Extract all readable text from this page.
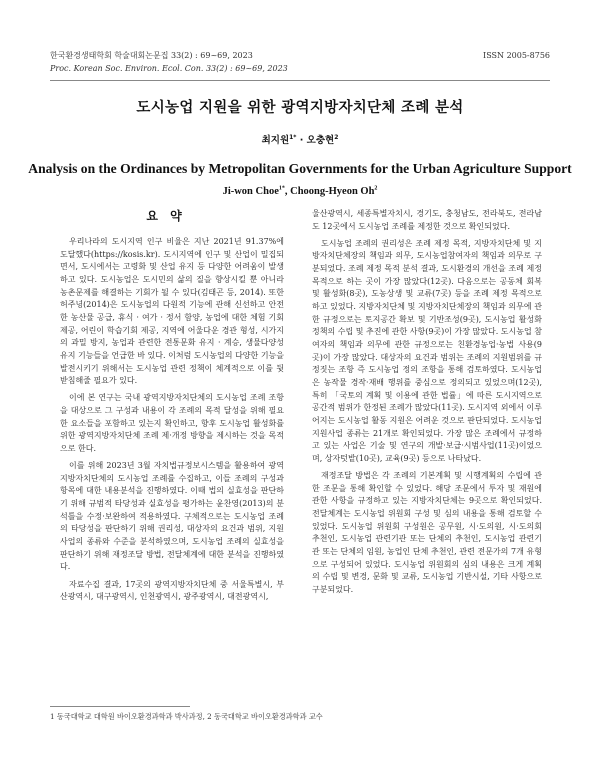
한국환경생태학회 학술대회논문집 33(2) : 69~69, 2023	ISSN 2005-8756
Proc. Korean Soc. Environ. Ecol. Con. 33(2) : 69~69, 2023
도시농업 지원을 위한 광역지방자치단체 조례 분석
최지원$^{1*}$ · 오충현$^2$
Analysis on the Ordinances by Metropolitan Governments for the Urban Agriculture Support
Ji-won Choe$^{1*}$, Choong-Hyeon Oh$^2$
요 약

우리나라의 도시지역 인구 비율은 지난 2021년 91.37%에 도달했다(https://kosis.kr). 도시지역에 인구 및 산업이 밀집되면서, 도시에서는 고령화 및 산업 유지 등 다양한 어려움이 발생하고 있다. 도시농업은 도시민의 삶의 질을 향상시킬 뿐 아니라 농촌문제를 해결하는 기회가 될 수 있다(김태곤 등, 2014). 또한 허주녕(2014)은 도시농업의 다원적 기능에 관해 신선하고 안전한 농산물 공급, 휴식 · 여가 · 정서 함양, 농업에 대한 체험 기회 제공, 어린이 학습기회 제공, 지역에 어울다운 경관 형성, 시가지의 과밀 방지, 농업과 관련한 전통문화 유지 · 계승, 생물다양성 유지 기능들을 언급한 바 있다. 이처럼 도시농업의 다양한 기능을 발전시키기 위해서는 도시농업 관련 정책이 체계적으로 이를 뒷받침해줄 필요가 있다.

이에 본 연구는 국내 광역지방자치단체의 도시농업 조례 조항을 대상으로 그 구성과 내용이 각 조례의 목적 달성을 위해 필요한 요소들을 포함하고 있는지 확인하고, 향후 도시농업 활성화를 위한 광역지방자치단체 조례 제·개정 방향을 제시하는 것을 목적으로 한다.

이를 위해 2023년 3월 자치법규정보시스템을 활용하여 광역지방자치단체의 도시농업 조례를 수집하고, 이들 조례의 구성과 항목에 대한 내용분석을 진행하였다. 이때 법의 실효성을 판단하기 위해 규범적 타당성과 실효성을 평가하는 윤찬영(2013)의 분석틀을 수정·보완하여 적용하였다. 구체적으로는 도시농업 조례의 타당성을 판단하기 위해 권리성, 대상자의 요건과 범위, 지원사업의 종류와 수준을 분석하였으며, 도시농업 조례의 실효성을 판단하기 위해 재정조달 방법, 전달체계에 대한 분석을 진행하였다.

자료수집 결과, 17곳의 광역지방자치단체 중 서울특별시, 부산광역시, 대구광역시, 인천광역시, 광주광역시, 대전광역시,

울산광역시, 세종특별자치시, 경기도, 충청남도, 전라북도, 전라남도 12곳에서 도시농업 조례를 제정한 것으로 확인되었다.

도시농업 조례의 권리성은 조례 제정 목적, 지방자치단체 및 지방자치단체장의 책임과 의무, 도시농업참여자의 책임과 의무로 구분되었다. 조례 제정 목적 분석 결과, 도시환경의 개선을 조례 제정 목적으로 하는 곳이 가장 많았다(12곳). 다음으로는 공동체 회복 및 활성화(8곳), 도농상생 및 교류(7곳) 등을 조례 제정 목적으로 하고 있었다. 지방자치단체 및 지방자치단체장의 책임과 의무에 관한 규정으로는 토지공간 확보 및 기반조성(9곳), 도시농업 활성화 정책의 수립 및 추진에 관한 사항(9곳)이 가장 많았다. 도시농업 참여자의 책임과 의무에 관한 규정으로는 친환경농업·농법 사용(9곳)이 가장 많았다. 대상자의 요건과 범위는 조례의 지원범위를 규정짓는 조항 즉 도시농업 정의 조항을 통해 검토하였다. 도시농업은 농작물 경작·재배 행위를 중심으로 정의되고 있었으며(12곳), 특히 「국토의 계획 및 이용에 관한 법률」에 따른 도시지역으로 공간적 범위가 한정된 조례가 많았다(11곳). 도시지역 외에서 이루어지는 도시농업 활동 지원은 어려운 것으로 판단되었다. 도시농업 지원사업 종류는 21개로 확인되었다. 가장 많은 조례에서 규정하고 있는 사업은 기술 및 연구의 개발·보급·시범사업(11곳)이었으며, 상자텃밭(10곳), 교육(9곳) 등으로 나타났다.

재정조달 방법은 각 조례의 기본계획 및 시행계획의 수립에 관한 조문을 통해 확인할 수 있었다. 해당 조문에서 투자 및 재원에 관한 사항을 규정하고 있는 지방자치단체는 9곳으로 확인되었다. 전달체계는 도시농업 위원회 구성 및 심의 내용을 통해 검토할 수 있었다. 도시농업 위원회 구성원은 공무원, 시·도의원, 시·도의회 추천인, 도시농업 관련기관 또는 단체의 추천인, 도시농업 관련기관 또는 단체의 임원, 농업인 단체 추천인, 관련 전문가의 7개 유형으로 구성되어 있었다. 도시농업 위원회의 심의 내용은 크게 계획의 수립 및 변경, 문화 및 교류, 도시농업 기반시설, 기타 사항으로 구분되었다.

1 동국대학교 대학원 바이오환경과학과 박사과정, 2 동국대학교 바이오환경과학과 교수
